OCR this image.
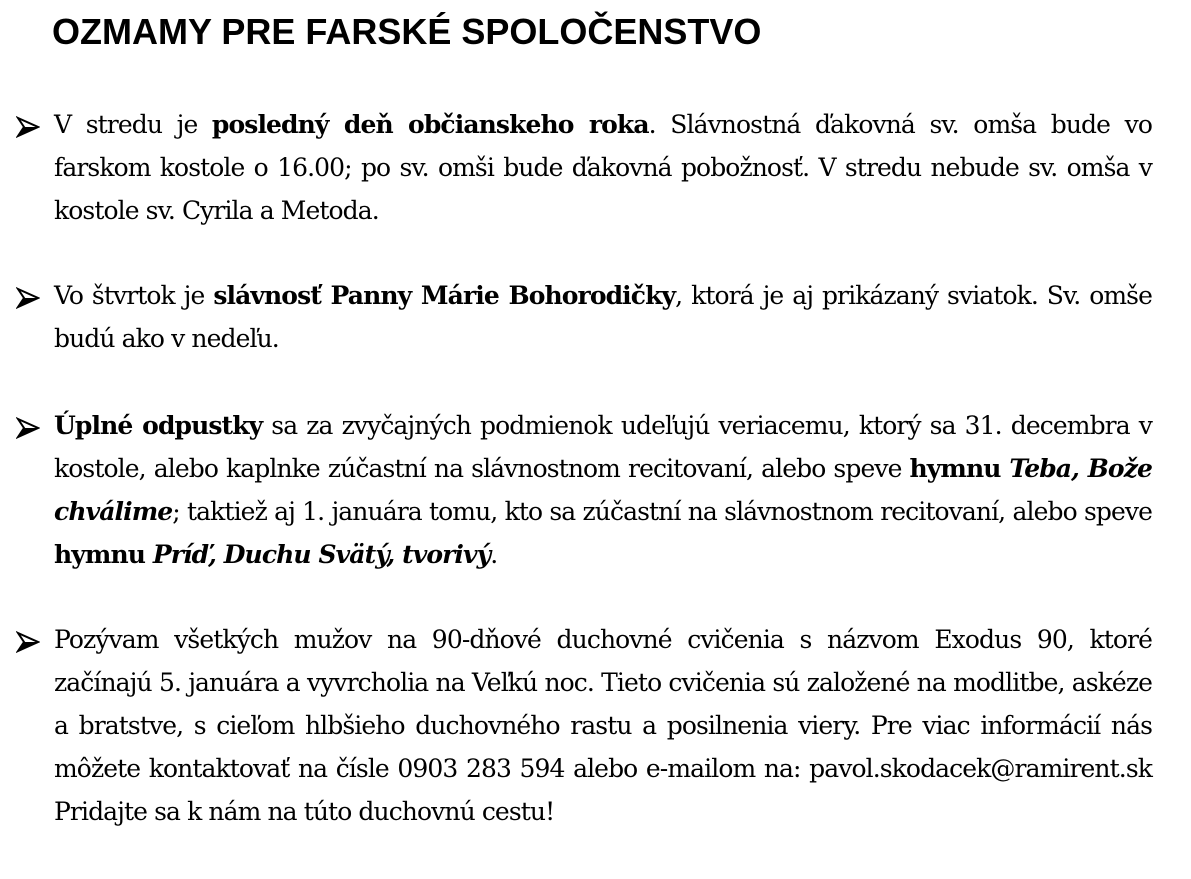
OZMAMY PRE FARSKÉ SPOLOČENSTVO
V stredu je posledný deň občianskeho roka. Slávnostná ďakovná sv. omša bude vo farskom kostole o 16.00; po sv. omši bude ďakovná pobožnosť. V stredu nebude sv. omša v kostole sv. Cyrila a Metoda.
Vo štvrtok je slávnosť Panny Márie Bohorodičky, ktorá je aj prikázaný sviatok. Sv. omše budú ako v nedeľu.
Úplné odpustky sa za zvyčajných podmienok udeľujú veriacemu, ktorý sa 31. decembra v kostole, alebo kaplnke zúčastní na slávnostnom recitovaní, alebo speve hymnu Teba, Bože chválime; taktiež aj 1. januára tomu, kto sa zúčastní na slávnostnom recitovaní, alebo speve hymnu Príď, Duchu Svätý, tvorivý.
Pozývam všetkých mužov na 90-dňové duchovné cvičenia s názvom Exodus 90, ktoré začínajú 5. januára a vyvrcholia na Veľkú noc. Tieto cvičenia sú založené na modlitbe, askéze a bratstve, s cieľom hlbšieho duchovného rastu a posilnenia viery. Pre viac informácií nás môžete kontaktovať na čísle 0903 283 594 alebo e-mailom na: pavol.skodacek@ramirent.sk Pridajte sa k nám na túto duchovnú cestu!
